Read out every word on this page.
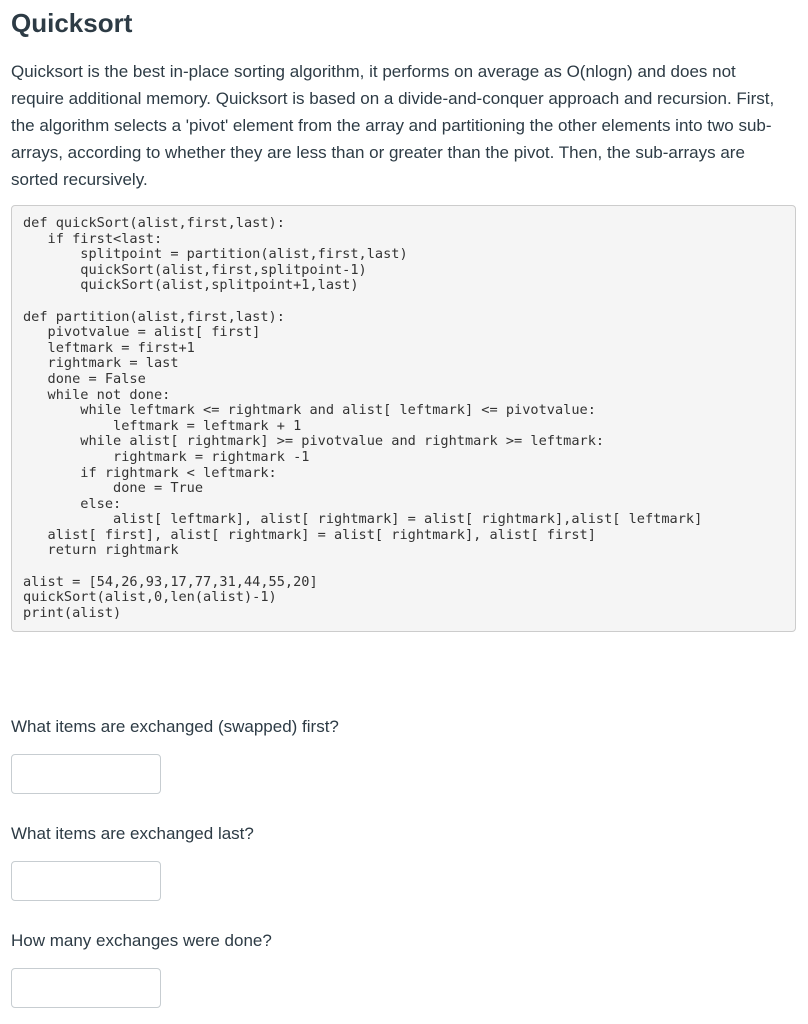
Quicksort

Quicksort is the best in-place sorting algorithm, it performs on average as O(nlogn) and does not require additional memory. Quicksort is based on a divide-and-conquer approach and recursion. First, the algorithm selects a 'pivot' element from the array and partitioning the other elements into two sub-arrays, according to whether they are less than or greater than the pivot. Then, the sub-arrays are sorted recursively.

def quickSort(alist,first,last):
if first<last:
splitpoint = partition(alist,first,last)
quickSort(alist,first,splitpoint-1)
quickSort(alist,splitpoint+1,last)

def partition(alist,first,last):
pivotvalue = alist[ first]
leftmark = first+1
rightmark = last
done = False
while not done:
while leftmark <= rightmark and alist[ leftmark] <= pivotvalue:
leftmark = leftmark + 1
while alist[ rightmark] >= pivotvalue and rightmark >= leftmark:
rightmark = rightmark -1
if rightmark < leftmark:
done = True
else:
alist[ leftmark], alist[ rightmark] = alist[ rightmark],alist[ leftmark]
alist[ first], alist[ rightmark] = alist[ rightmark], alist[ first]
return rightmark

alist = [54,26,93,17,77,31,44,55,20]
quickSort(alist,0,len(alist)-1)
print(alist)

What items are exchanged (swapped) first?

What items are exchanged last?

How many exchanges were done?
